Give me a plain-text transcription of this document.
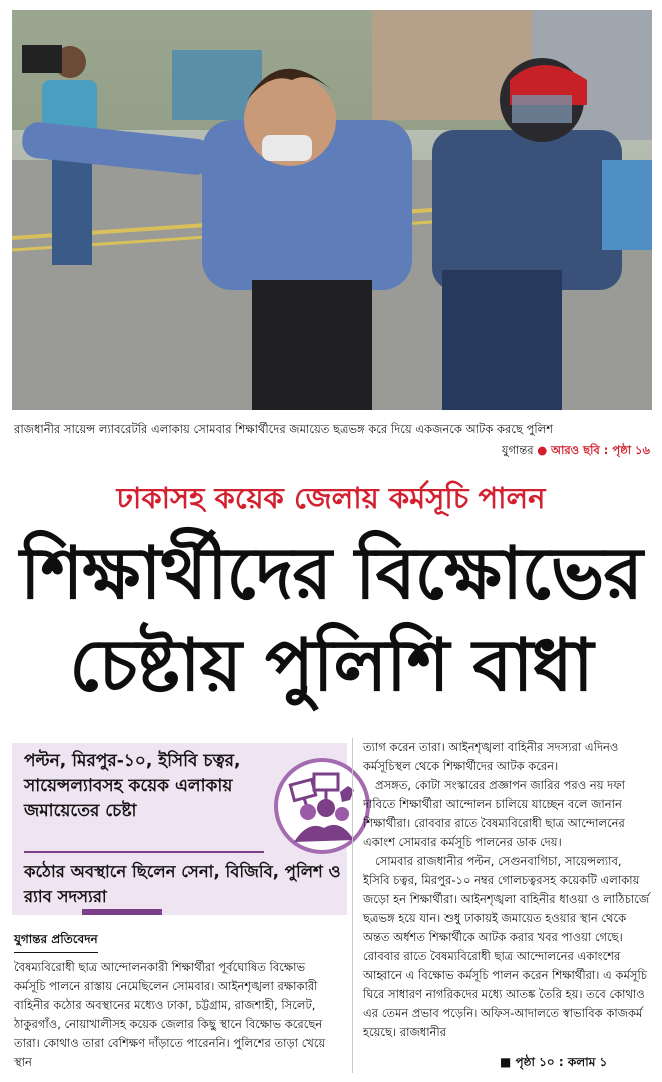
রাজধানীর সায়েন্স ল্যাবরেটরি এলাকায় সোমবার শিক্ষার্থীদের জমায়েত ছত্রভঙ্গ করে দিয়ে একজনকে আটক করছে পুলিশ
যুগান্তর ● আরও ছবি : পৃষ্ঠা ১৬
ঢাকাসহ কয়েক জেলায় কর্মসূচি পালন
শিক্ষার্থীদের বিক্ষোভের
চেষ্টায় পুলিশি বাধা
পল্টন, মিরপুর-১০, ইসিবি চত্বর, সায়েন্সল্যাবসহ কয়েক এলাকায় জমায়েতের চেষ্টা
কঠোর অবস্থানে ছিলেন সেনা, বিজিবি, পুলিশ ও র‌্যাব সদস্যরা
যুগান্তর প্রতিবেদন

বৈষম্যবিরোধী ছাত্র আন্দোলনকারী শিক্ষার্থীরা পূর্বঘোষিত বিক্ষোভ কর্মসূচি পালনে রাস্তায় নেমেছিলেন সোমবার। আইনশৃঙ্খলা রক্ষাকারী বাহিনীর কঠোর অবস্থানের মধ্যেও ঢাকা, চট্টগ্রাম, রাজশাহী, সিলেট, ঠাকুরগাঁও, নোয়াখালীসহ কয়েক জেলার কিছু স্থানে বিক্ষোভ করেছেন তারা। কোথাও তারা বেশিক্ষণ দাঁড়াতে পারেননি। পুলিশের তাড়া খেয়ে স্থান

ত্যাগ করেন তারা। আইনশৃঙ্খলা বাহিনীর সদস্যরা এদিনও কর্মসূচিস্থল থেকে শিক্ষার্থীদের আটক করেন।

প্রসঙ্গত, কোটা সংস্কারের প্রজ্ঞাপন জারির পরও নয় দফা দাবিতে শিক্ষার্থীরা আন্দোলন চালিয়ে যাচ্ছেন বলে জানান শিক্ষার্থীরা। রোববার রাতে বৈষম্যবিরোধী ছাত্র আন্দোলনের একাংশ সোমবার কর্মসূচি পালনের ডাক দেয়।

সোমবার রাজধানীর পল্টন, সেগুনবাগিচা, সায়েন্সল্যাব, ইসিবি চত্বর, মিরপুর-১০ নম্বর গোলচত্বরসহ কয়েকটি এলাকায় জড়ো হন শিক্ষার্থীরা। আইনশৃঙ্খলা বাহিনীর ধাওয়া ও লাঠিচার্জে ছত্রভঙ্গ হয়ে যান। শুধু ঢাকায়ই জমায়েত হওয়ার স্থান থেকে অন্তত অর্ধশত শিক্ষার্থীকে আটক করার খবর পাওয়া গেছে। রোববার রাতে বৈষম্যবিরোধী ছাত্র আন্দোলনের একাংশের আহ্বানে এ বিক্ষোভ কর্মসূচি পালন করেন শিক্ষার্থীরা। এ কর্মসূচি ঘিরে সাধারণ নাগরিকদের মধ্যে আতঙ্ক তৈরি হয়। তবে কোথাও এর তেমন প্রভাব পড়েনি। অফিস-আদালতে স্বাভাবিক কাজকর্ম হয়েছে। রাজধানীর

■ পৃষ্ঠা ১০ : কলাম ১
